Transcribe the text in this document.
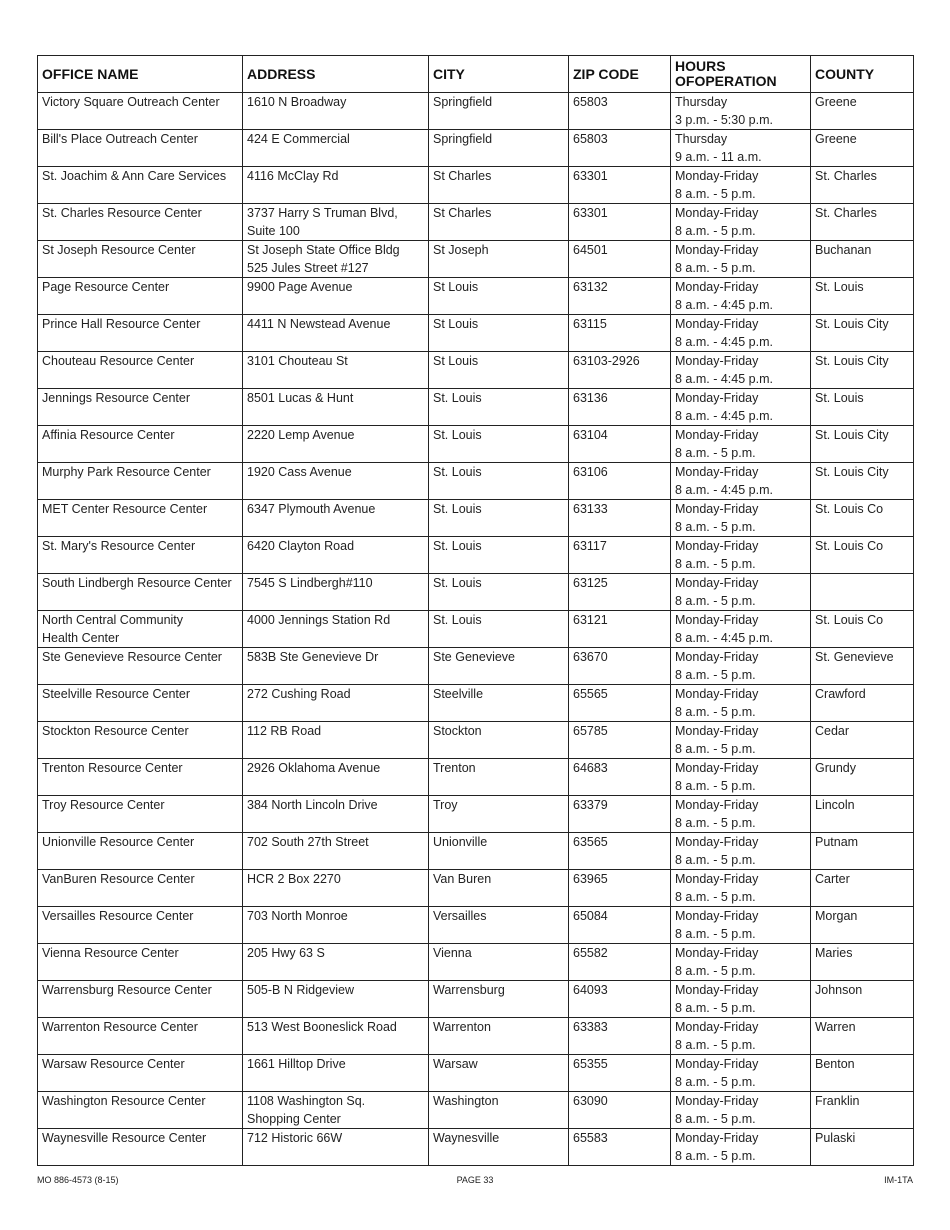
OFFICE NAME	ADDRESS	CITY	ZIP CODE	HOURS OFOPERATION	COUNTY

Victory Square Outreach Center	1610 N Broadway	Springfield	65803	Thursday
3 p.m. - 5:30 p.m.	Greene

Bill's Place Outreach Center	424 E Commercial	Springfield	65803	Thursday
9 a.m. - 11 a.m.	Greene

St. Joachim & Ann Care Services	4116 McClay Rd	St Charles	63301	Monday-Friday
8 a.m. - 5 p.m.	St. Charles

St. Charles Resource Center	3737 Harry S Truman Blvd,
Suite 100	St Charles	63301	Monday-Friday
8 a.m. - 5 p.m.	St. Charles

St Joseph Resource Center	St Joseph State Office Bldg
525 Jules Street #127	St Joseph	64501	Monday-Friday
8 a.m. - 5 p.m.	Buchanan

Page Resource Center	9900 Page Avenue	St Louis	63132	Monday-Friday
8 a.m. - 4:45 p.m.	St. Louis

Prince Hall Resource Center	4411 N Newstead Avenue	St Louis	63115	Monday-Friday
8 a.m. - 4:45 p.m.	St. Louis City

Chouteau Resource Center	3101 Chouteau St	St Louis	63103-2926	Monday-Friday
8 a.m. - 4:45 p.m.	St. Louis City

Jennings Resource Center	8501 Lucas & Hunt	St. Louis	63136	Monday-Friday
8 a.m. - 4:45 p.m.	St. Louis

Affinia Resource Center	2220 Lemp Avenue	St. Louis	63104	Monday-Friday
8 a.m. - 5 p.m.	St. Louis City

Murphy Park Resource Center	1920 Cass Avenue	St. Louis	63106	Monday-Friday
8 a.m. - 4:45 p.m.	St. Louis City

MET Center Resource Center	6347 Plymouth Avenue	St. Louis	63133	Monday-Friday
8 a.m. - 5 p.m.	St. Louis Co

St. Mary's Resource Center	6420 Clayton Road	St. Louis	63117	Monday-Friday
8 a.m. - 5 p.m.	St. Louis Co

South Lindbergh Resource Center	7545 S Lindbergh#110	St. Louis	63125	Monday-Friday
8 a.m. - 5 p.m.	

North Central Community
Health Center	4000 Jennings Station Rd	St. Louis	63121	Monday-Friday
8 a.m. - 4:45 p.m.	St. Louis Co

Ste Genevieve Resource Center	583B Ste Genevieve Dr	Ste Genevieve	63670	Monday-Friday
8 a.m. - 5 p.m.	St. Genevieve

Steelville Resource Center	272 Cushing Road	Steelville	65565	Monday-Friday
8 a.m. - 5 p.m.	Crawford

Stockton Resource Center	112 RB Road	Stockton	65785	Monday-Friday
8 a.m. - 5 p.m.	Cedar

Trenton Resource Center	2926 Oklahoma Avenue	Trenton	64683	Monday-Friday
8 a.m. - 5 p.m.	Grundy

Troy Resource Center	384 North Lincoln Drive	Troy	63379	Monday-Friday
8 a.m. - 5 p.m.	Lincoln

Unionville Resource Center	702 South 27th Street	Unionville	63565	Monday-Friday
8 a.m. - 5 p.m.	Putnam

VanBuren Resource Center	HCR 2 Box 2270	Van Buren	63965	Monday-Friday
8 a.m. - 5 p.m.	Carter

Versailles Resource Center	703 North Monroe	Versailles	65084	Monday-Friday
8 a.m. - 5 p.m.	Morgan

Vienna Resource Center	205 Hwy 63 S	Vienna	65582	Monday-Friday
8 a.m. - 5 p.m.	Maries

Warrensburg Resource Center	505-B N Ridgeview	Warrensburg	64093	Monday-Friday
8 a.m. - 5 p.m.	Johnson

Warrenton Resource Center	513 West Booneslick Road	Warrenton	63383	Monday-Friday
8 a.m. - 5 p.m.	Warren

Warsaw Resource Center	1661 Hilltop Drive	Warsaw	65355	Monday-Friday
8 a.m. - 5 p.m.	Benton

Washington Resource Center	1108 Washington Sq.
Shopping Center	Washington	63090	Monday-Friday
8 a.m. - 5 p.m.	Franklin

Waynesville Resource Center	712 Historic 66W	Waynesville	65583	Monday-Friday
8 a.m. - 5 p.m.	Pulaski
MO 886-4573 (8-15)	PAGE 33	IM-1TA
